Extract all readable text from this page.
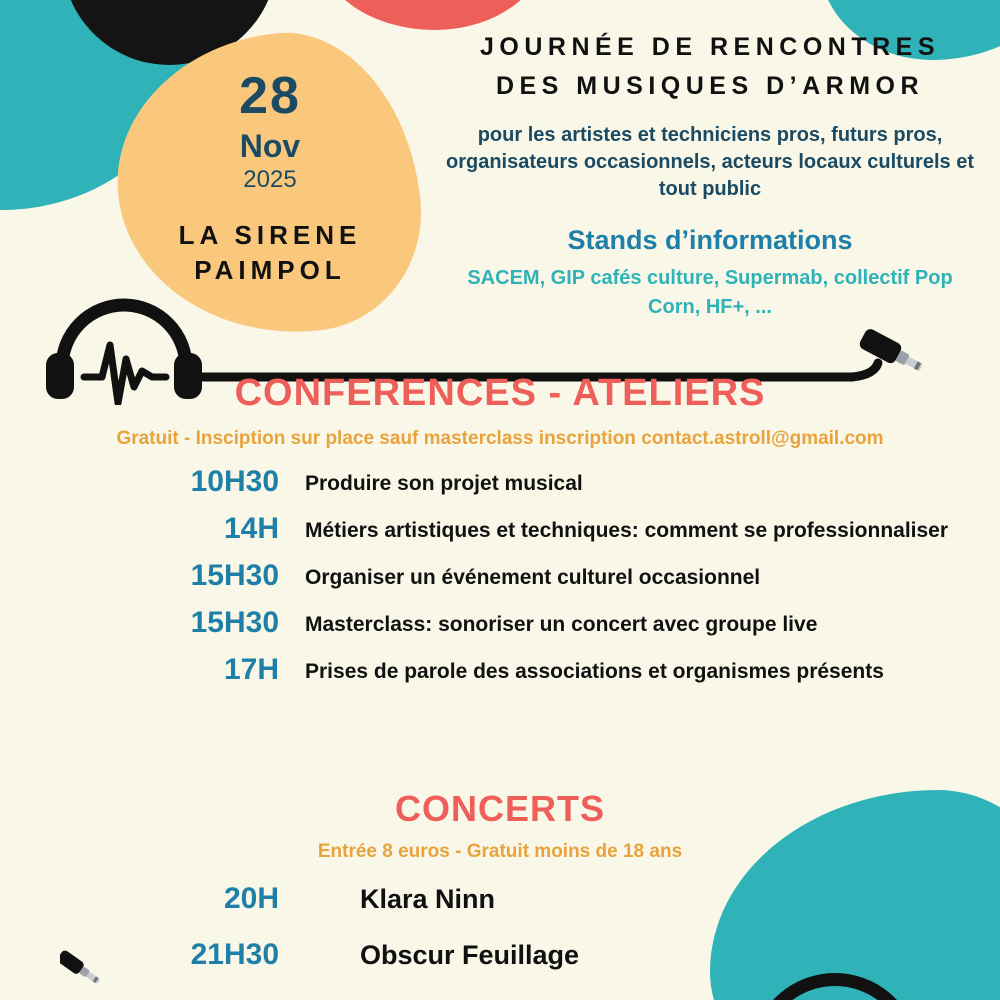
28
Nov
2025
LA SIRENE
PAIMPOL
JOURNÉE DE RENCONTRES
DES MUSIQUES D’ARMOR
pour les artistes et techniciens pros, futurs pros, organisateurs occasionnels, acteurs locaux culturels et tout public
Stands d’informations
SACEM, GIP cafés culture, Supermab, collectif Pop Corn, HF+, ...
CONFERENCES - ATELIERS
Gratuit - Insciption sur place sauf masterclass inscription contact.astroll@gmail.com
10H30	Produire son projet musical
14H	Métiers artistiques et techniques: comment se professionnaliser
15H30	Organiser un événement culturel occasionnel
15H30	Masterclass: sonoriser un concert avec groupe live
17H	Prises de parole des associations et organismes présents
CONCERTS
Entrée 8 euros - Gratuit moins de 18 ans
20H	Klara Ninn
21H30	Obscur Feuillage
